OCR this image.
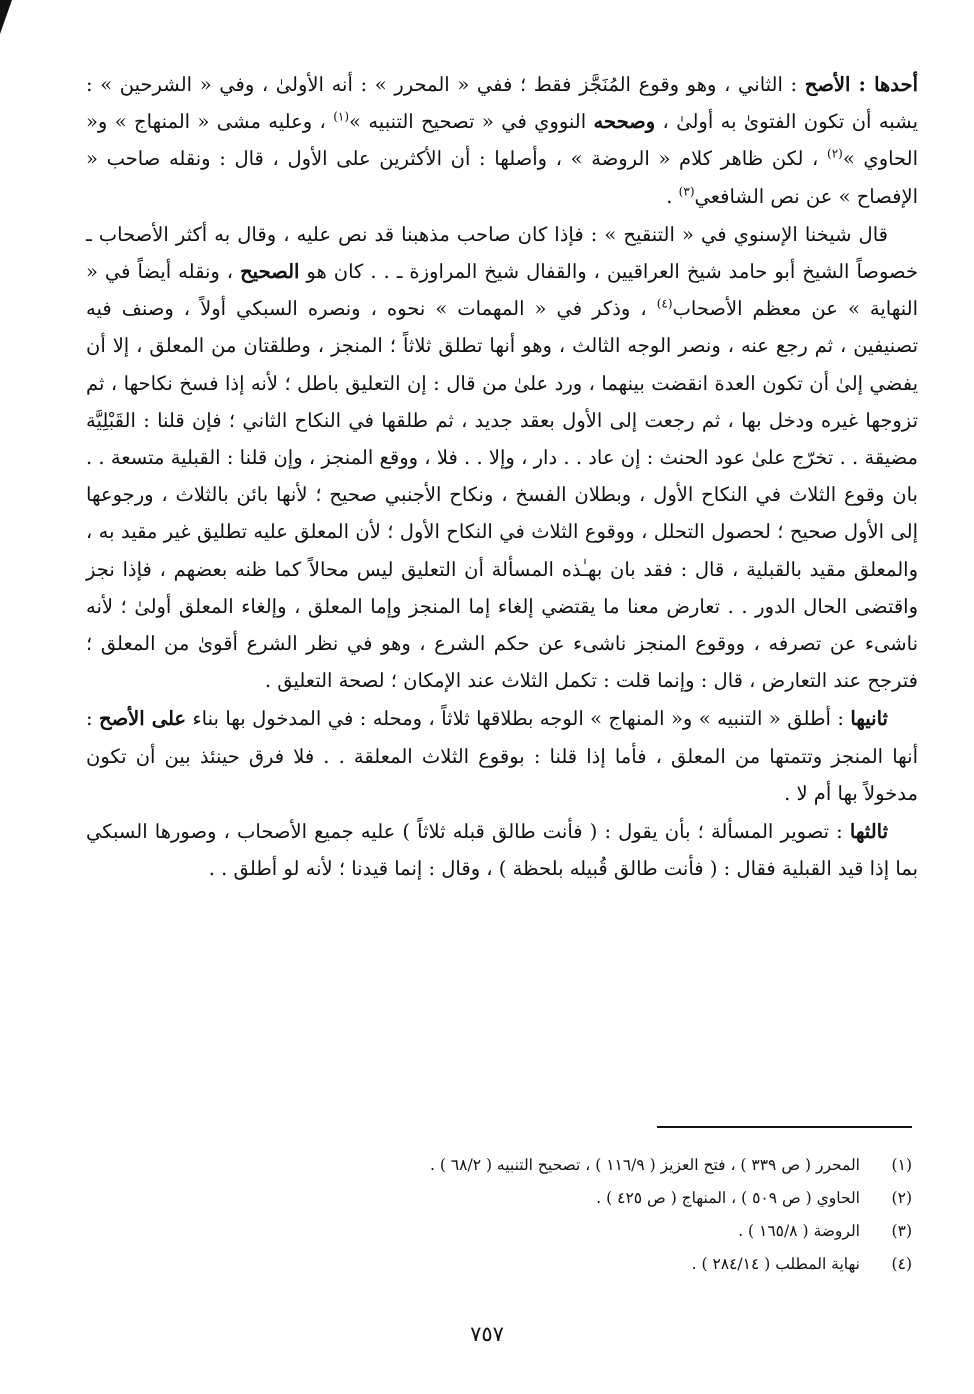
أحدها : الأصح : الثاني ، وهو وقوع المُنَجَّز فقط ؛ ففي « المحرر » : أنه الأولىٰ ، وفي « الشرحين » : يشبه أن تكون الفتوىٰ به أولىٰ ، وصححه النووي في « تصحيح التنبيه »$^{(١)}$ ، وعليه مشى « المنهاج » و« الحاوي »$^{(٢)}$ ، لكن ظاهر كلام « الروضة » ، وأصلها : أن الأكثرين على الأول ، قال : ونقله صاحب « الإفصاح » عن نص الشافعي$^{(٣)}$ .

قال شيخنا الإسنوي في « التنقيح » : فإذا كان صاحب مذهبنا قد نص عليه ، وقال به أكثر الأصحاب ـ خصوصاً الشيخ أبو حامد شيخ العراقيين ، والقفال شيخ المراوزة ـ . . كان هو الصحيح ، ونقله أيضاً في « النهاية » عن معظم الأصحاب$^{(٤)}$ ، وذكر في « المهمات » نحوه ، ونصره السبكي أولاً ، وصنف فيه تصنيفين ، ثم رجع عنه ، ونصر الوجه الثالث ، وهو أنها تطلق ثلاثاً ؛ المنجز ، وطلقتان من المعلق ، إلا أن يفضي إلىٰ أن تكون العدة انقضت بينهما ، ورد علىٰ من قال : إن التعليق باطل ؛ لأنه إذا فسخ نكاحها ، ثم تزوجها غيره ودخل بها ، ثم رجعت إلى الأول بعقد جديد ، ثم طلقها في النكاح الثاني ؛ فإن قلنا : القَبْلِيَّة مضيقة . . تخرّج علىٰ عود الحنث : إن عاد . . دار ، وإلا . . فلا ، ووقع المنجز ، وإن قلنا : القبلية متسعة . . بان وقوع الثلاث في النكاح الأول ، وبطلان الفسخ ، ونكاح الأجنبي صحيح ؛ لأنها بائن بالثلاث ، ورجوعها إلى الأول صحيح ؛ لحصول التحلل ، ووقوع الثلاث في النكاح الأول ؛ لأن المعلق عليه تطليق غير مقيد به ، والمعلق مقيد بالقبلية ، قال : فقد بان بهـٰذه المسألة أن التعليق ليس محالاً كما ظنه بعضهم ، فإذا نجز واقتضى الحال الدور . . تعارض معنا ما يقتضي إلغاء إما المنجز وإما المعلق ، وإلغاء المعلق أولىٰ ؛ لأنه ناشىء عن تصرفه ، ووقوع المنجز ناشىء عن حكم الشرع ، وهو في نظر الشرع أقوىٰ من المعلق ؛ فترجح عند التعارض ، قال : وإنما قلت : تكمل الثلاث عند الإمكان ؛ لصحة التعليق .

ثانيها : أطلق « التنبيه » و« المنهاج » الوجه بطلاقها ثلاثاً ، ومحله : في المدخول بها بناء على الأصح : أنها المنجز وتتمتها من المعلق ، فأما إذا قلنا : بوقوع الثلاث المعلقة . . فلا فرق حينئذ بين أن تكون مدخولاً بها أم لا .

ثالثها : تصوير المسألة ؛ بأن يقول : ( فأنت طالق قبله ثلاثاً ) عليه جميع الأصحاب ، وصورها السبكي بما إذا قيد القبلية فقال : ( فأنت طالق قُبيله بلحظة ) ، وقال : إنما قيدنا ؛ لأنه لو أطلق . .

(١)
المحرر ( ص ٣٣٩ ) ، فتح العزيز ( ١١٦/٩ ) ، تصحيح التنبيه ( ٦٨/٢ ) .
(٢)
الحاوي ( ص ٥٠٩ ) ، المنهاج ( ص ٤٢٥ ) .
(٣)
الروضة ( ١٦٥/٨ ) .
(٤)
نهاية المطلب ( ٢٨٤/١٤ ) .
٧٥٧
